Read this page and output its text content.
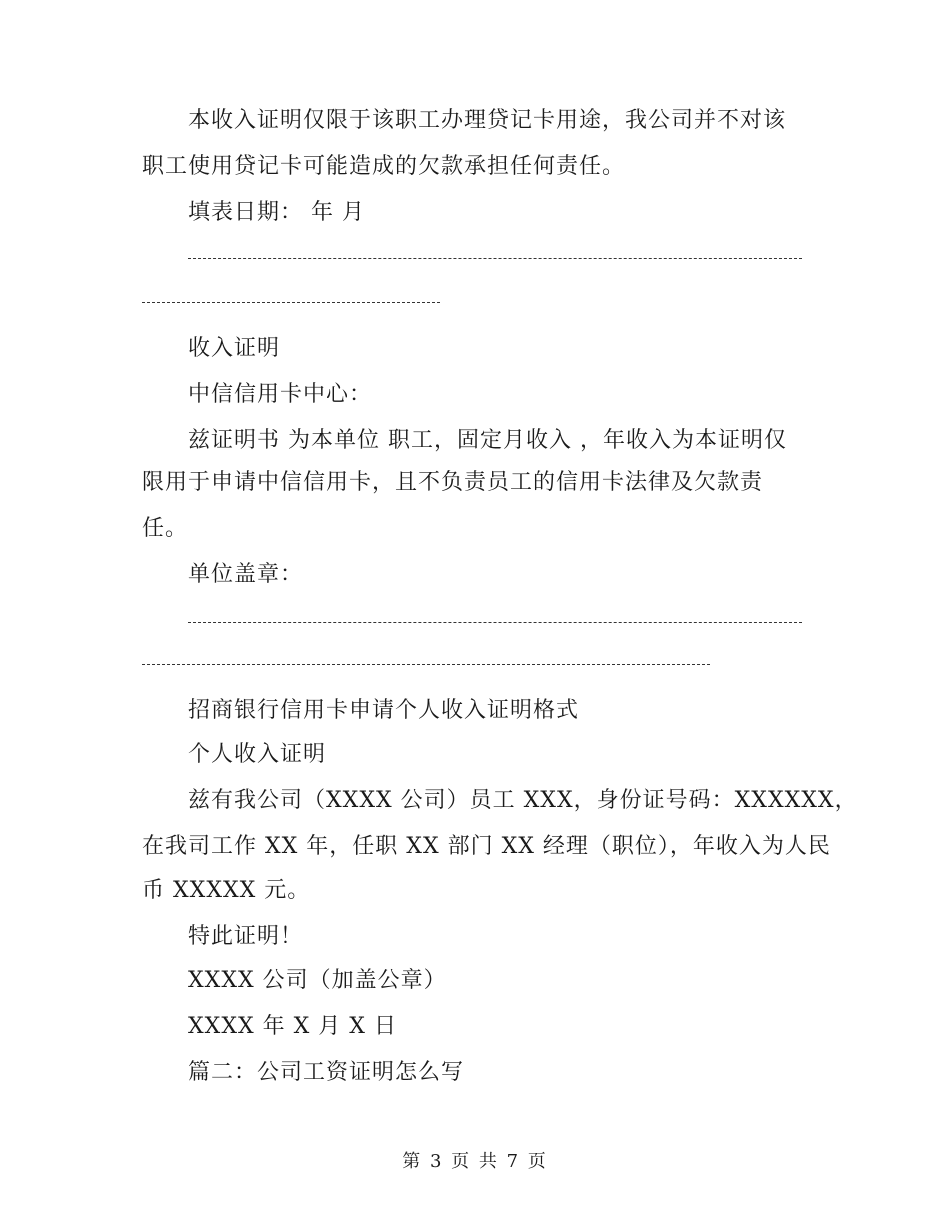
本收入证明仅限于该职工办理贷记卡用途，我公司并不对该
职工使用贷记卡可能造成的欠款承担任何责任。
填表日期： 年 月
收入证明
中信信用卡中心：
兹证明书 为本单位 职工，固定月收入 ，年收入为本证明仅
限用于申请中信信用卡，且不负责员工的信用卡法律及欠款责
任。
单位盖章：
招商银行信用卡申请个人收入证明格式
个人收入证明
兹有我公司（XXXX 公司）员工 XXX，身份证号码：XXXXXX，
在我司工作 XX 年，任职 XX 部门 XX 经理（职位），年收入为人民
币 XXXXX 元。
特此证明！
XXXX 公司（加盖公章）
XXXX 年 X 月 X 日
篇二：公司工资证明怎么写
第 3 页 共 7 页
